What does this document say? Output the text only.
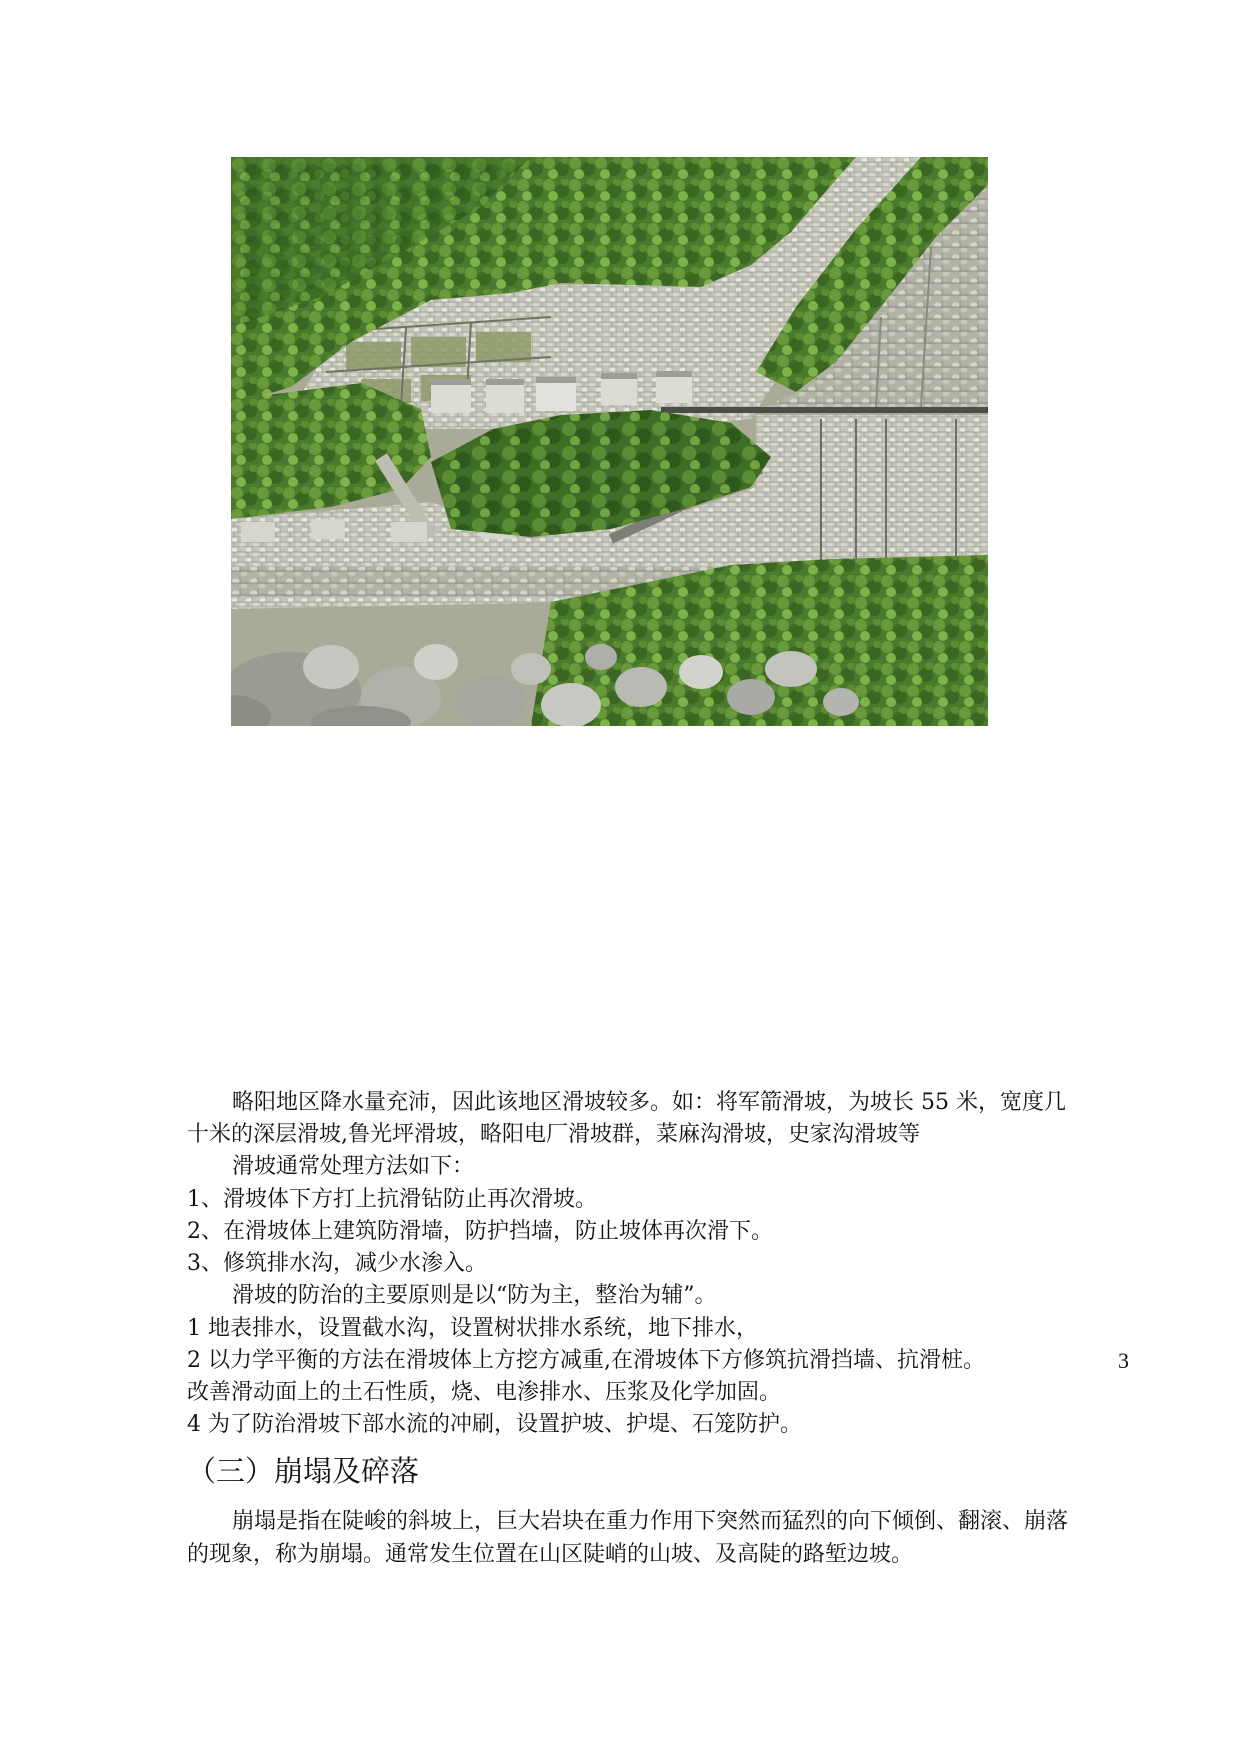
略阳地区降水量充沛，因此该地区滑坡较多。如：将军箭滑坡，为坡长 55 米，宽度几
十米的深层滑坡,鲁光坪滑坡，略阳电厂滑坡群，菜麻沟滑坡，史家沟滑坡等
滑坡通常处理方法如下：
1、滑坡体下方打上抗滑钻防止再次滑坡。
2、在滑坡体上建筑防滑墙，防护挡墙，防止坡体再次滑下。
3、修筑排水沟，减少水渗入。
滑坡的防治的主要原则是以“防为主，整治为辅”。
1 地表排水，设置截水沟，设置树状排水系统，地下排水，
2 以力学平衡的方法在滑坡体上方挖方减重,在滑坡体下方修筑抗滑挡墙、抗滑桩。	3
改善滑动面上的土石性质，烧、电渗排水、压浆及化学加固。
4 为了防治滑坡下部水流的冲刷，设置护坡、护堤、石笼防护。
（三）崩塌及碎落
崩塌是指在陡峻的斜坡上，巨大岩块在重力作用下突然而猛烈的向下倾倒、翻滚、崩落
的现象，称为崩塌。通常发生位置在山区陡峭的山坡、及高陡的路堑边坡。
